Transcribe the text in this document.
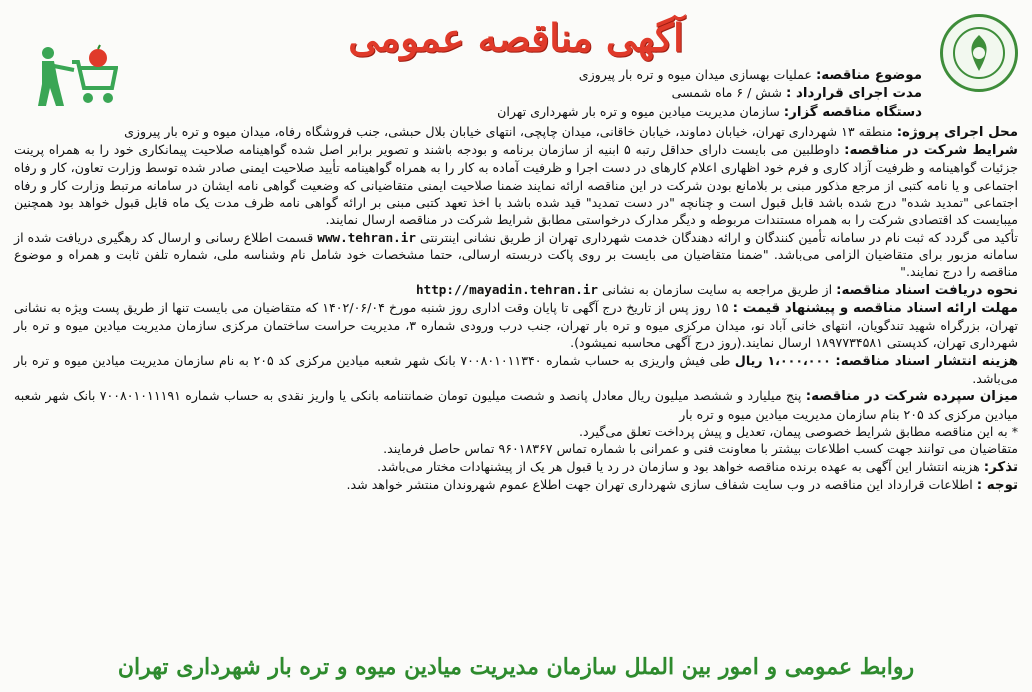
آگهی مناقصه عمومی
موضوع مناقصه: عملیات بهسازی میدان میوه و تره بار پیروزی
مدت اجرای قرارداد : شش / ۶ ماه شمسی
دستگاه مناقصه گزار: سازمان مدیریت میادین میوه و تره بار شهرداری تهران
محل اجرای پروژه: منطقه ۱۳ شهرداری تهران، خیابان دماوند، خیابان خاقانی، میدان چاپچی، انتهای خیابان بلال حبشی، جنب فروشگاه رفاه، میدان میوه و تره بار پیروزی
شرایط شرکت در مناقصه: داوطلبین می بایست دارای حداقل رتبه ۵ ابنیه از سازمان برنامه و بودجه باشند و تصویر برابر اصل شده گواهینامه صلاحیت پیمانکاری خود را به همراه پرینت جزئیات گواهینامه و ظرفیت آزاد کاری و فرم خود اظهاری اعلام کارهای در دست اجرا و ظرفیت آماده به کار را به همراه گواهینامه تأیید صلاحیت ایمنی صادر شده توسط وزارت تعاون، کار و رفاه اجتماعی و یا نامه کتبی از مرجع مذکور مبنی بر بلامانع بودن شرکت در این مناقصه ارائه نمایند ضمنا صلاحیت ایمنی متقاضیانی که وضعیت گواهی نامه ایشان در سامانه مرتبط وزارت کار و رفاه اجتماعی "تمدید شده" درج شده باشد قابل قبول است و چنانچه "در دست تمدید" قید شده باشد با اخذ تعهد کتبی مبنی بر ارائه گواهی نامه ظرف مدت یک ماه قابل قبول خواهد بود همچنین میبایست کد اقتصادی شرکت را به همراه مستندات مربوطه و دیگر مدارک درخواستی مطابق شرایط شرکت در مناقصه ارسال نمایند.
تأکید می گردد که ثبت نام در سامانه تأمین کنندگان و ارائه دهندگان خدمت شهرداری تهران از طریق نشانی اینترنتی www.tehran.ir قسمت اطلاع رسانی و ارسال کد رهگیری دریافت شده از سامانه مزبور برای متقاضیان الزامی می‌باشد. "ضمنا متقاضیان می بایست بر روی پاکت دربسته ارسالی، حتما مشخصات خود شامل نام وشناسه ملی، شماره تلفن ثابت و همراه و موضوع مناقصه را درج نمایند."
نحوه دریافت اسناد مناقصه: از طریق مراجعه به سایت سازمان به نشانی http://mayadin.tehran.ir
مهلت ارائه اسناد مناقصه و پیشنهاد قیمت : ۱۵ روز پس از تاریخ درج آگهی تا پایان وقت اداری روز شنبه مورخ ۱۴۰۲/۰۶/۰۴ که متقاضیان می بایست تنها از طریق پست ویژه به نشانی تهران، بزرگراه شهید تندگویان، انتهای خانی آباد نو، میدان مرکزی میوه و تره بار تهران، جنب درب ورودی شماره ۳، مدیریت حراست ساختمان مرکزی سازمان مدیریت میادین میوه و تره بار شهرداری تهران، کدپستی ۱۸۹۷۷۳۴۵۸۱ ارسال نمایند.(روز درج آگهی محاسبه نمیشود).
هزینه انتشار اسناد مناقصه: ۱،۰۰۰،۰۰۰ ریال طی فیش واریزی به حساب شماره ۷۰۰۸۰۱۰۱۱۳۴۰ بانک شهر شعبه میادین مرکزی کد ۲۰۵ به نام سازمان مدیریت میادین میوه و تره بار می‌باشد.
میزان سپرده شرکت در مناقصه: پنج میلیارد و ششصد میلیون ریال معادل پانصد و شصت میلیون تومان ضمانتنامه بانکی یا واریز نقدی به حساب شماره ۷۰۰۸۰۱۰۱۱۱۹۱ بانک شهر شعبه میادین مرکزی کد ۲۰۵ بنام سازمان مدیریت میادین میوه و تره بار
* به این مناقصه مطابق شرایط خصوصی پیمان، تعدیل و پیش پرداخت تعلق می‌گیرد.
متقاضیان می توانند جهت کسب اطلاعات بیشتر با معاونت فنی و عمرانی با شماره تماس ۹۶۰۱۸۳۶۷ تماس حاصل فرمایند.
تذکر: هزینه انتشار این آگهی به عهده برنده مناقصه خواهد بود و سازمان در رد یا قبول هر یک از پیشنهادات مختار می‌باشد.
توجه : اطلاعات قرارداد این مناقصه در وب سایت شفاف سازی شهرداری تهران جهت اطلاع عموم شهروندان منتشر خواهد شد.
روابط عمومی و امور بین الملل سازمان مدیریت میادین میوه و تره بار شهرداری تهران
